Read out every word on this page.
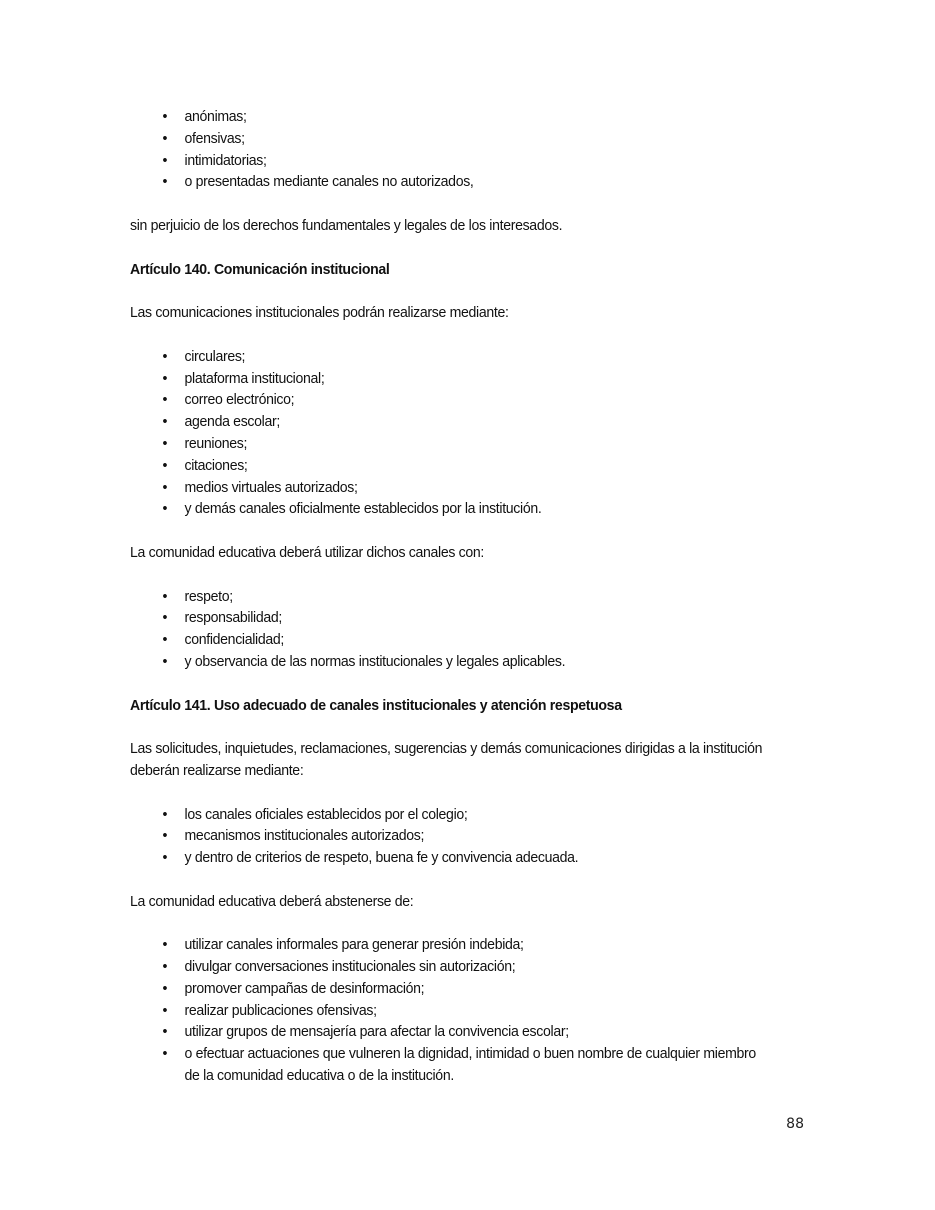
•	anónimas;
•	ofensivas;
•	intimidatorias;
•	o presentadas mediante canales no autorizados,

sin perjuicio de los derechos fundamentales y legales de los interesados.

Artículo 140. Comunicación institucional

Las comunicaciones institucionales podrán realizarse mediante:

•	circulares;
•	plataforma institucional;
•	correo electrónico;
•	agenda escolar;
•	reuniones;
•	citaciones;
•	medios virtuales autorizados;
•	y demás canales oficialmente establecidos por la institución.

La comunidad educativa deberá utilizar dichos canales con:

•	respeto;
•	responsabilidad;
•	confidencialidad;
•	y observancia de las normas institucionales y legales aplicables.
Artículo 141. Uso adecuado de canales institucionales y atención respetuosa

Las solicitudes, inquietudes, reclamaciones, sugerencias y demás comunicaciones dirigidas a la institución deberán realizarse mediante:

•	los canales oficiales establecidos por el colegio;
•	mecanismos institucionales autorizados;
•	y dentro de criterios de respeto, buena fe y convivencia adecuada.

La comunidad educativa deberá abstenerse de:

•	utilizar canales informales para generar presión indebida;
•	divulgar conversaciones institucionales sin autorización;
•	promover campañas de desinformación;
•	realizar publicaciones ofensivas;
•	utilizar grupos de mensajería para afectar la convivencia escolar;
•	o efectuar actuaciones que vulneren la dignidad, intimidad o buen nombre de cualquier miembro de la comunidad educativa o de la institución.
88
